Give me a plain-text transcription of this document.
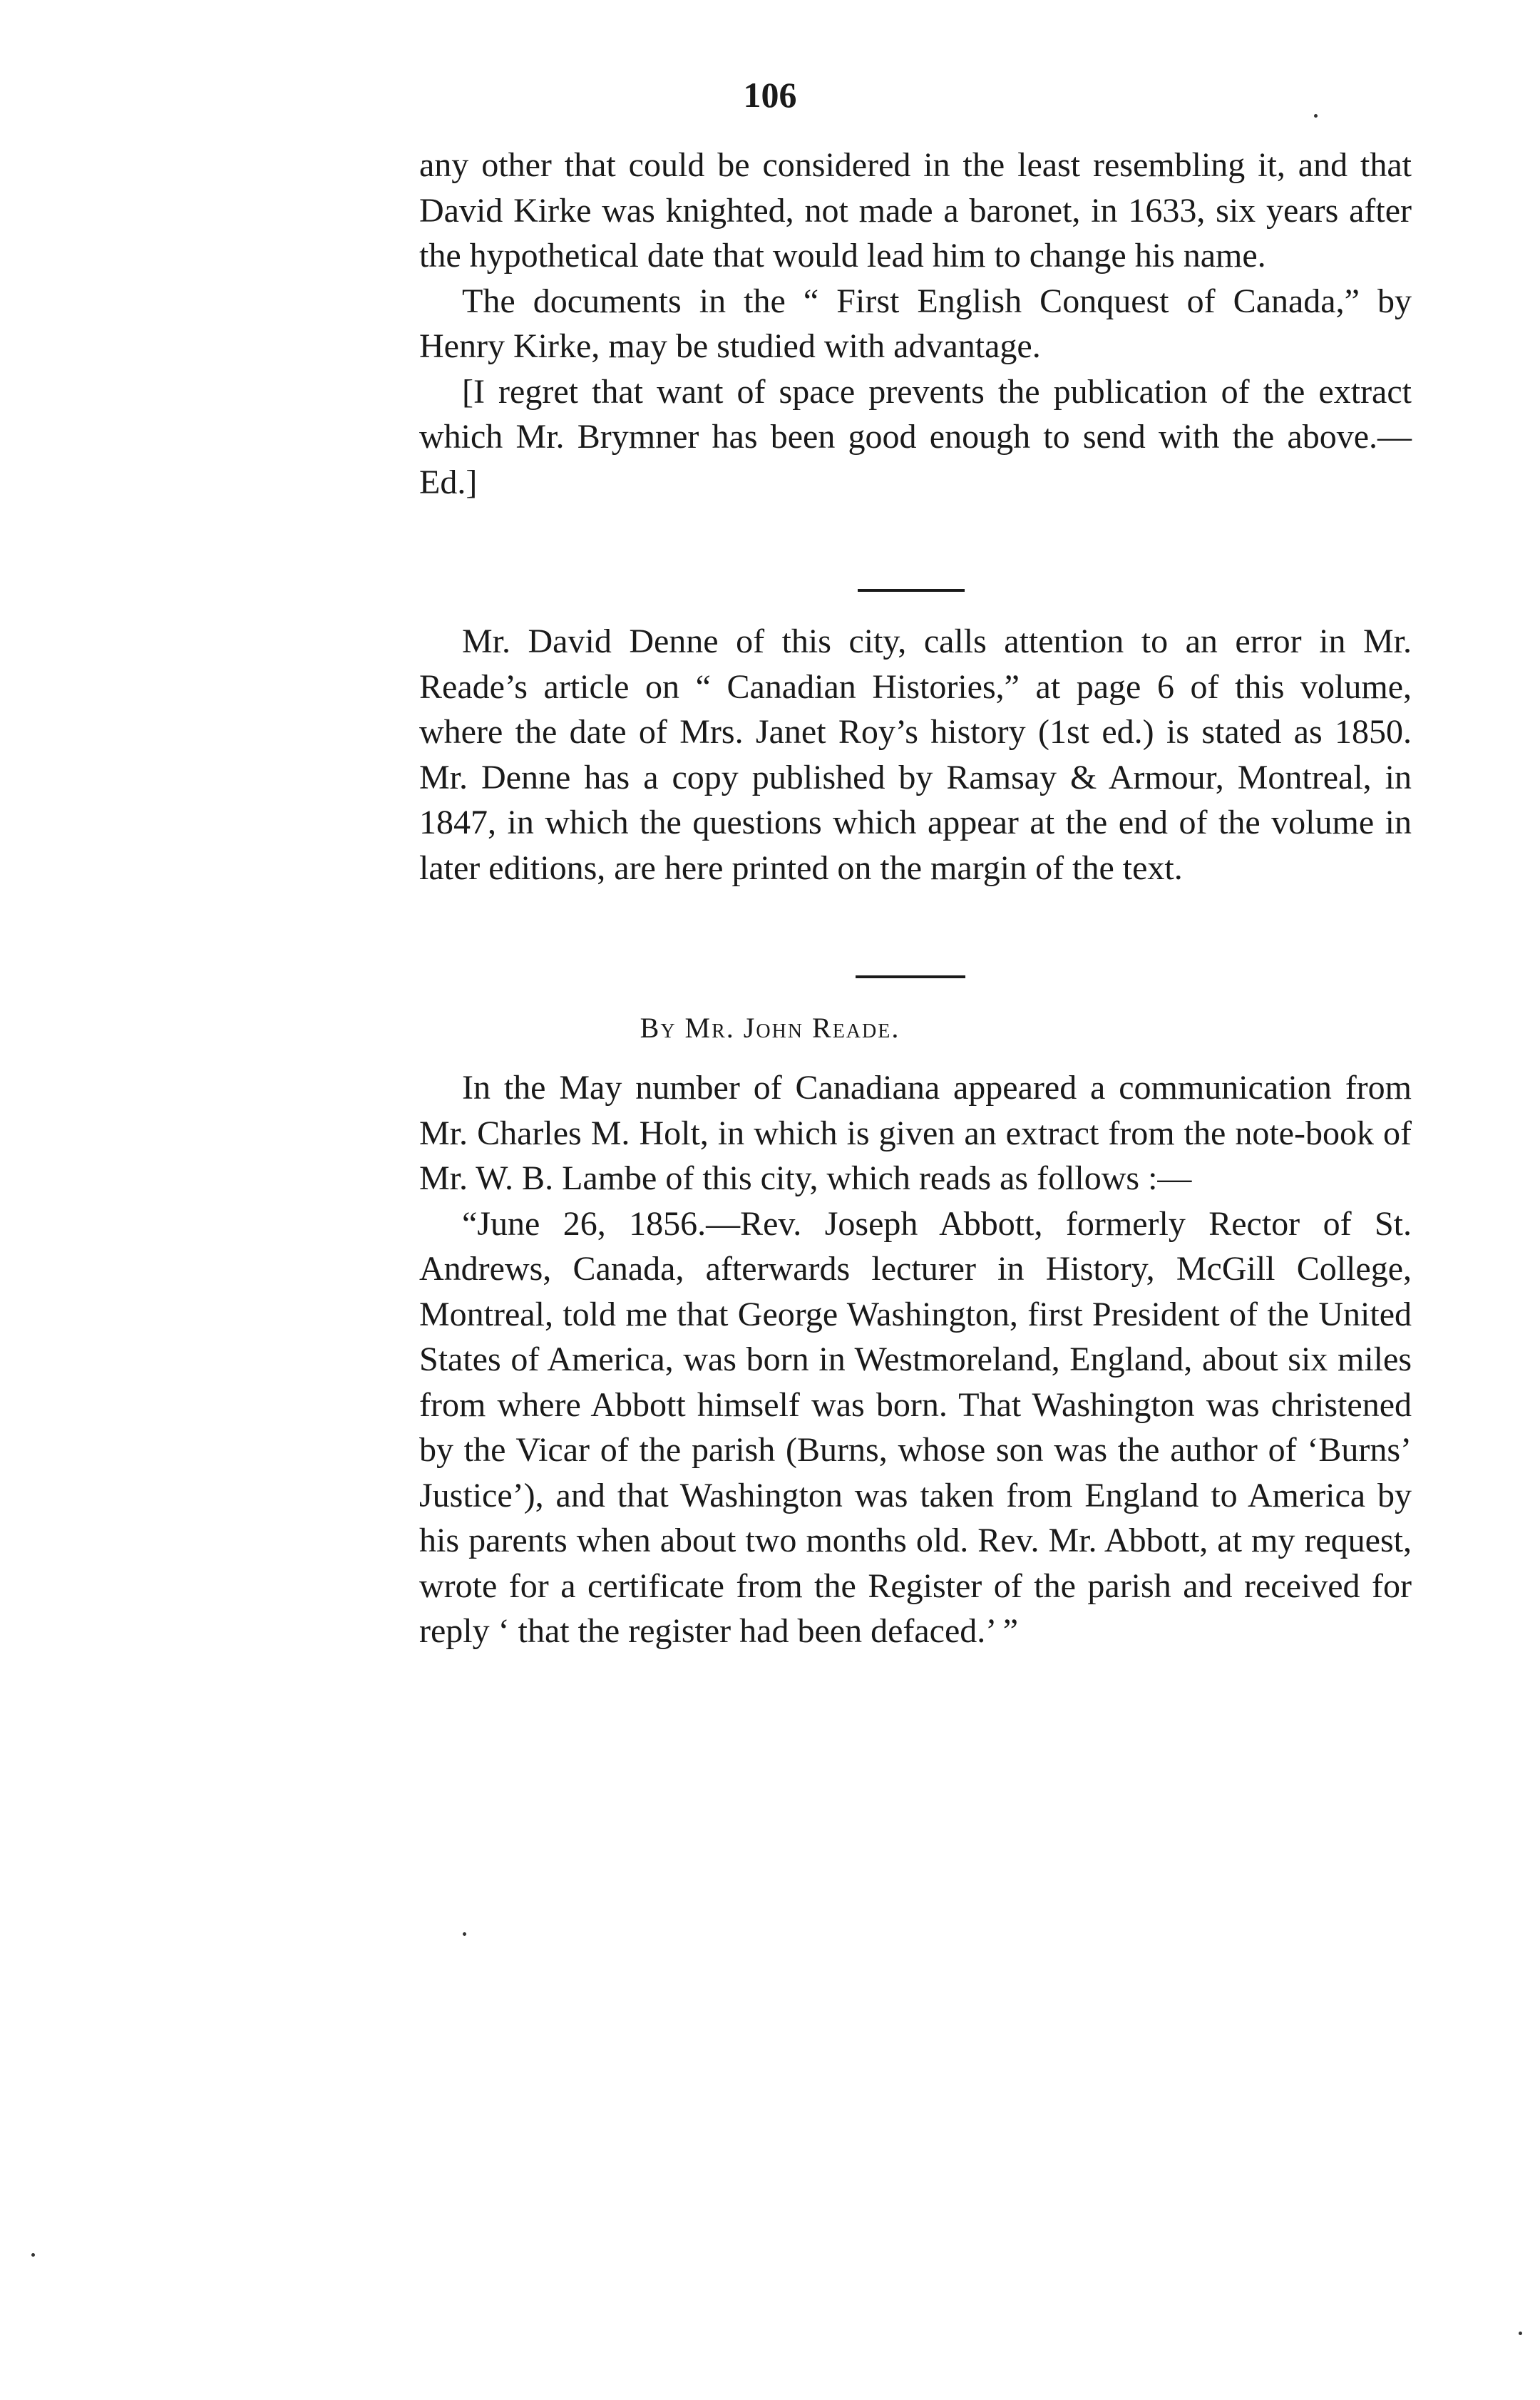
106

any other that could be considered in the least resembling it, and that David Kirke was knighted, not made a baronet, in 1633, six years after the hypothetical date that would lead him to change his name.

The documents in the “ First English Conquest of Canada,” by Henry Kirke, may be studied with advantage.

[I regret that want of space prevents the publication of the extract which Mr. Brymner has been good enough to send with the above.—Ed.]

Mr. David Denne of this city, calls attention to an error in Mr. Reade’s article on “ Canadian Histories,” at page 6 of this volume, where the date of Mrs. Janet Roy’s history (1st ed.) is stated as 1850. Mr. Denne has a copy published by Ramsay & Armour, Montreal, in 1847, in which the questions which appear at the end of the volume in later editions, are here printed on the margin of the text.

By Mr. John Reade.

In the May number of Canadiana appeared a communication from Mr. Charles M. Holt, in which is given an extract from the note-book of Mr. W. B. Lambe of this city, which reads as follows :—

“June 26, 1856.—Rev. Joseph Abbott, formerly Rector of St. Andrews, Canada, afterwards lecturer in History, McGill College, Montreal, told me that George Washington, first President of the United States of America, was born in Westmoreland, England, about six miles from where Abbott himself was born. That Washington was christened by the Vicar of the parish (Burns, whose son was the author of ‘Burns’ Justice’), and that Washington was taken from England to America by his parents when about two months old. Rev. Mr. Abbott, at my request, wrote for a certificate from the Register of the parish and received for reply ‘ that the register had been defaced.’ ”
